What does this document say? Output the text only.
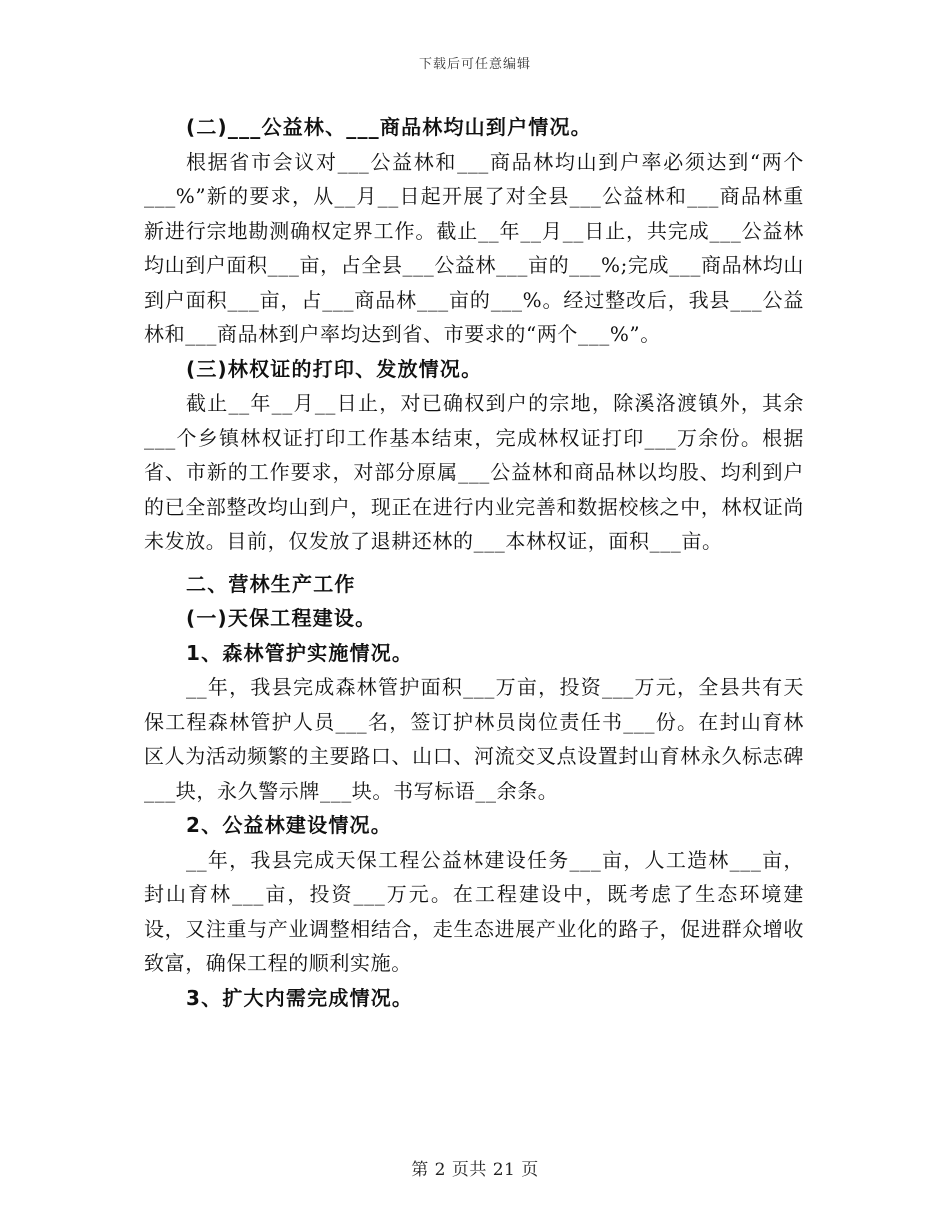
下载后可任意编辑

(二)___公益林、___商品林均山到户情况。

根据省市会议对___公益林和___商品林均山到户率必须达到“两个___%”新的要求，从__月__日起开展了对全县___公益林和___商品林重新进行宗地勘测确权定界工作。截止__年__月__日止，共完成___公益林均山到户面积___亩，占全县___公益林___亩的___%;完成___商品林均山到户面积___亩，占___商品林___亩的___%。经过整改后，我县___公益林和___商品林到户率均达到省、市要求的“两个___%”。

(三)林权证的打印、发放情况。

截止__年__月__日止，对已确权到户的宗地，除溪洛渡镇外，其余___个乡镇林权证打印工作基本结束，完成林权证打印___万余份。根据省、市新的工作要求，对部分原属___公益林和商品林以均股、均利到户的已全部整改均山到户，现正在进行内业完善和数据校核之中，林权证尚未发放。目前，仅发放了退耕还林的___本林权证，面积___亩。

二、营林生产工作

(一)天保工程建设。

1、森林管护实施情况。

__年，我县完成森林管护面积___万亩，投资___万元，全县共有天保工程森林管护人员___名，签订护林员岗位责任书___份。在封山育林区人为活动频繁的主要路口、山口、河流交叉点设置封山育林永久标志碑___块，永久警示牌___块。书写标语__余条。

2、公益林建设情况。

__年，我县完成天保工程公益林建设任务___亩，人工造林___亩，封山育林___亩，投资___万元。在工程建设中，既考虑了生态环境建设，又注重与产业调整相结合，走生态进展产业化的路子，促进群众增收致富，确保工程的顺利实施。

3、扩大内需完成情况。

第 2 页共 21 页
